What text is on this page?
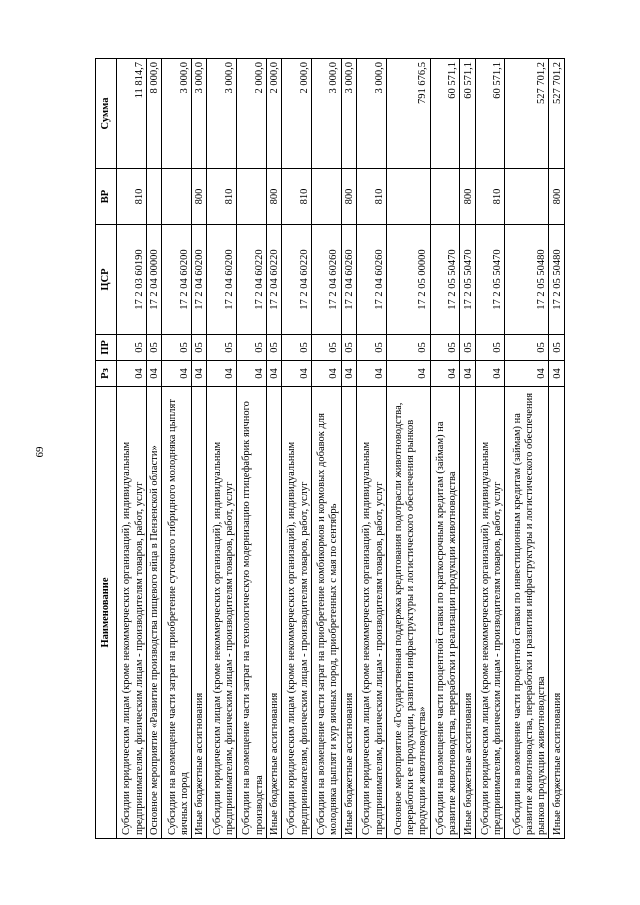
69
Наименование	Рз	ПР	ЦСР	ВР	Сумма
Субсидии юридическим лицам (кроме некоммерческих организаций), индивидуальным предпринимателям, физическим лицам - производителям товаров, работ, услуг	04	05	17 2 03 60190	810	11 814,7
Основное мероприятие «Развитие производства пищевого яйца в Пензенской области»	04	05	17 2 04 00000		8 000,0
Субсидии на возмещение части затрат на приобретение суточного гибридного молодняка цыплят яичных пород	04	05	17 2 04 60200		3 000,0
Иные бюджетные ассигнования	04	05	17 2 04 60200	800	3 000,0
Субсидии юридическим лицам (кроме некоммерческих организаций), индивидуальным предпринимателям, физическим лицам - производителям товаров, работ, услуг	04	05	17 2 04 60200	810	3 000,0
Субсидии на возмещение части затрат на технологическую модернизацию птицефабрик яичного производства	04	05	17 2 04 60220		2 000,0
Иные бюджетные ассигнования	04	05	17 2 04 60220	800	2 000,0
Субсидии юридическим лицам (кроме некоммерческих организаций), индивидуальным предпринимателям, физическим лицам - производителям товаров, работ, услуг	04	05	17 2 04 60220	810	2 000,0
Субсидии на возмещение части затрат на приобретение комбикормов и кормовых добавок для молодняка цыплят и кур яичных пород, приобретенных с мая по сентябрь	04	05	17 2 04 60260		3 000,0
Иные бюджетные ассигнования	04	05	17 2 04 60260	800	3 000,0
Субсидии юридическим лицам (кроме некоммерческих организаций), индивидуальным предпринимателям, физическим лицам - производителям товаров, работ, услуг	04	05	17 2 04 60260	810	3 000,0
Основное мероприятие «Государственная поддержка кредитования подотрасли животноводства, переработки ее продукции, развития инфраструктуры и логистического обеспечения рынков продукции животноводства»	04	05	17 2 05 00000		791 676,5
Субсидии на возмещение части процентной ставки по краткосрочным кредитам (займам) на развитие животноводства, переработки и реализации продукции животноводства	04	05	17 2 05 50470		60 571,1
Иные бюджетные ассигнования	04	05	17 2 05 50470	800	60 571,1
Субсидии юридическим лицам (кроме некоммерческих организаций), индивидуальным предпринимателям, физическим лицам - производителям товаров, работ, услуг	04	05	17 2 05 50470	810	60 571,1
Субсидии на возмещение части процентной ставки по инвестиционным кредитам (займам) на развитие животноводства, переработки и развития инфраструктуры и логистического обеспечения рынков продукции животноводства	04	05	17 2 05 50480		527 701,2
Иные бюджетные ассигнования	04	05	17 2 05 50480	800	527 701,2
